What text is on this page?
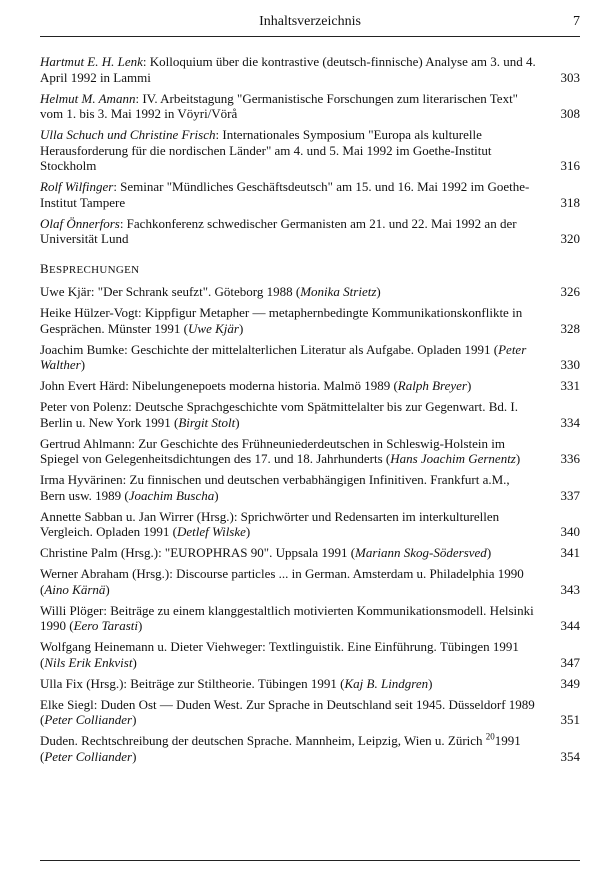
Inhaltsverzeichnis	7
Hartmut E. H. Lenk: Kolloquium über die kontrastive (deutsch-finnische) Analyse am 3. und 4. April 1992 in Lammi	303
Helmut M. Amann: IV. Arbeitstagung "Germanistische Forschungen zum literarischen Text" vom 1. bis 3. Mai 1992 in Vöyri/Vörå	308
Ulla Schuch und Christine Frisch: Internationales Symposium "Europa als kulturelle Herausforderung für die nordischen Länder" am 4. und 5. Mai 1992 im Goethe-Institut Stockholm	316
Rolf Wilfinger: Seminar "Mündliches Geschäftsdeutsch" am 15. und 16. Mai 1992 im Goethe-Institut Tampere	318
Olaf Önnerfors: Fachkonferenz schwedischer Germanisten am 21. und 22. Mai 1992 an der Universität Lund	320
BESPRECHUNGEN
Uwe Kjär: "Der Schrank seufzt". Göteborg 1988 (Monika Strietz)	326
Heike Hülzer-Vogt: Kippfigur Metapher — metaphernbedingte Kommunikationskonflikte in Gesprächen. Münster 1991 (Uwe Kjär)	328
Joachim Bumke: Geschichte der mittelalterlichen Literatur als Aufgabe. Opladen 1991 (Peter Walther)	330
John Evert Härd: Nibelungenepoets moderna historia. Malmö 1989 (Ralph Breyer)	331
Peter von Polenz: Deutsche Sprachgeschichte vom Spätmittelalter bis zur Gegenwart. Bd. I. Berlin u. New York 1991 (Birgit Stolt)	334
Gertrud Ahlmann: Zur Geschichte des Frühneuniederdeutschen in Schleswig-Holstein im Spiegel von Gelegenheitsdichtungen des 17. und 18. Jahrhunderts (Hans Joachim Gernentz)	336
Irma Hyvärinen: Zu finnischen und deutschen verbabhängigen Infinitiven. Frankfurt a.M., Bern usw. 1989 (Joachim Buscha)	337
Annette Sabban u. Jan Wirrer (Hrsg.): Sprichwörter und Redensarten im interkulturellen Vergleich. Opladen 1991 (Detlef Wilske)	340
Christine Palm (Hrsg.): "EUROPHRAS 90". Uppsala 1991 (Mariann Skog-Södersved)	341
Werner Abraham (Hrsg.): Discourse particles ... in German. Amsterdam u. Philadelphia 1990 (Aino Kärnä)	343
Willi Plöger: Beiträge zu einem klanggestaltlich motivierten Kommunikationsmodell. Helsinki 1990 (Eero Tarasti)	344
Wolfgang Heinemann u. Dieter Viehweger: Textlinguistik. Eine Einführung. Tübingen 1991 (Nils Erik Enkvist)	347
Ulla Fix (Hrsg.): Beiträge zur Stiltheorie. Tübingen 1991 (Kaj B. Lindgren)	349
Elke Siegl: Duden Ost — Duden West. Zur Sprache in Deutschland seit 1945. Düsseldorf 1989 (Peter Colliander)	351
Duden. Rechtschreibung der deutschen Sprache. Mannheim, Leipzig, Wien u. Zürich $^{20}$1991 (Peter Colliander)	354
